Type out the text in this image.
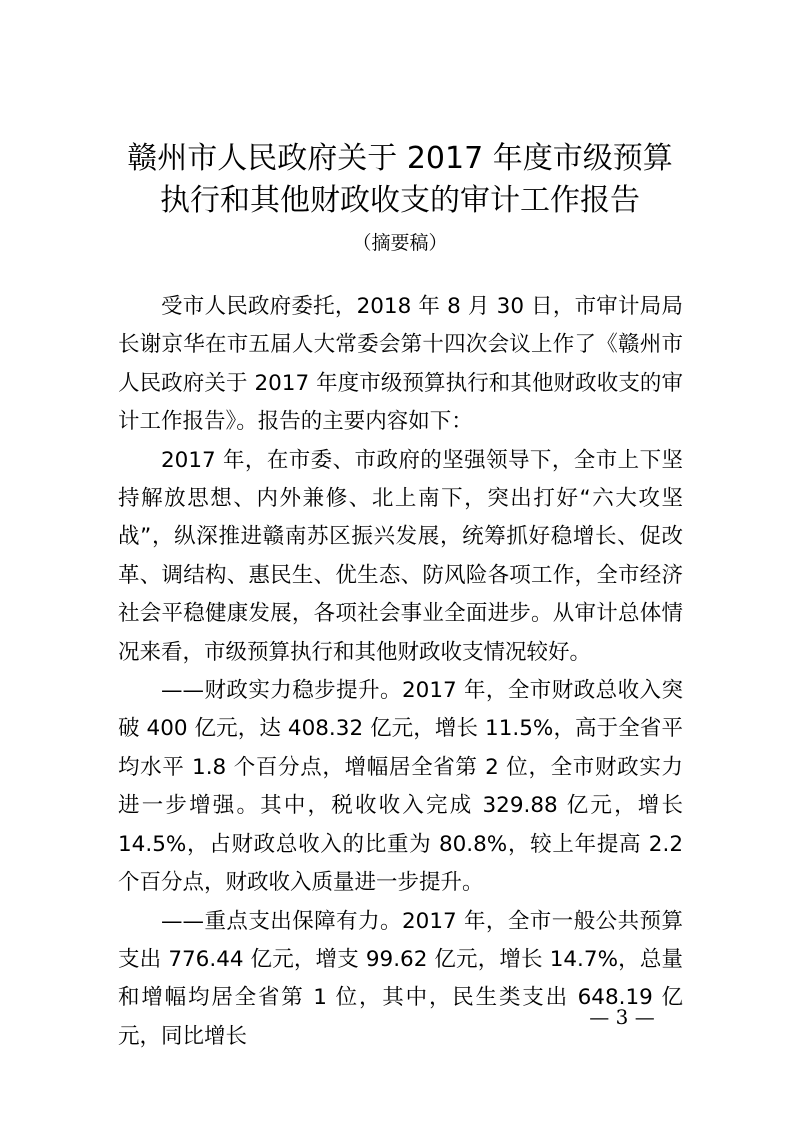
赣州市人民政府关于 2017 年度市级预算
执行和其他财政收支的审计工作报告
（摘要稿）

受市人民政府委托，2018 年 8 月 30 日，市审计局局长谢京华在市五届人大常委会第十四次会议上作了《赣州市人民政府关于 2017 年度市级预算执行和其他财政收支的审计工作报告》。报告的主要内容如下：

2017 年，在市委、市政府的坚强领导下，全市上下坚持解放思想、内外兼修、北上南下，突出打好“六大攻坚战”，纵深推进赣南苏区振兴发展，统筹抓好稳增长、促改革、调结构、惠民生、优生态、防风险各项工作，全市经济社会平稳健康发展，各项社会事业全面进步。从审计总体情况来看，市级预算执行和其他财政收支情况较好。

——财政实力稳步提升。2017 年，全市财政总收入突破 400 亿元，达 408.32 亿元，增长 11.5%，高于全省平均水平 1.8 个百分点，增幅居全省第 2 位，全市财政实力进一步增强。其中，税收收入完成 329.88 亿元，增长 14.5%，占财政总收入的比重为 80.8%，较上年提高 2.2 个百分点，财政收入质量进一步提升。

——重点支出保障有力。2017 年，全市一般公共预算支出 776.44 亿元，增支 99.62 亿元，增长 14.7%，总量和增幅均居全省第 1 位，其中，民生类支出 648.19 亿元，同比增长

— 3 —
